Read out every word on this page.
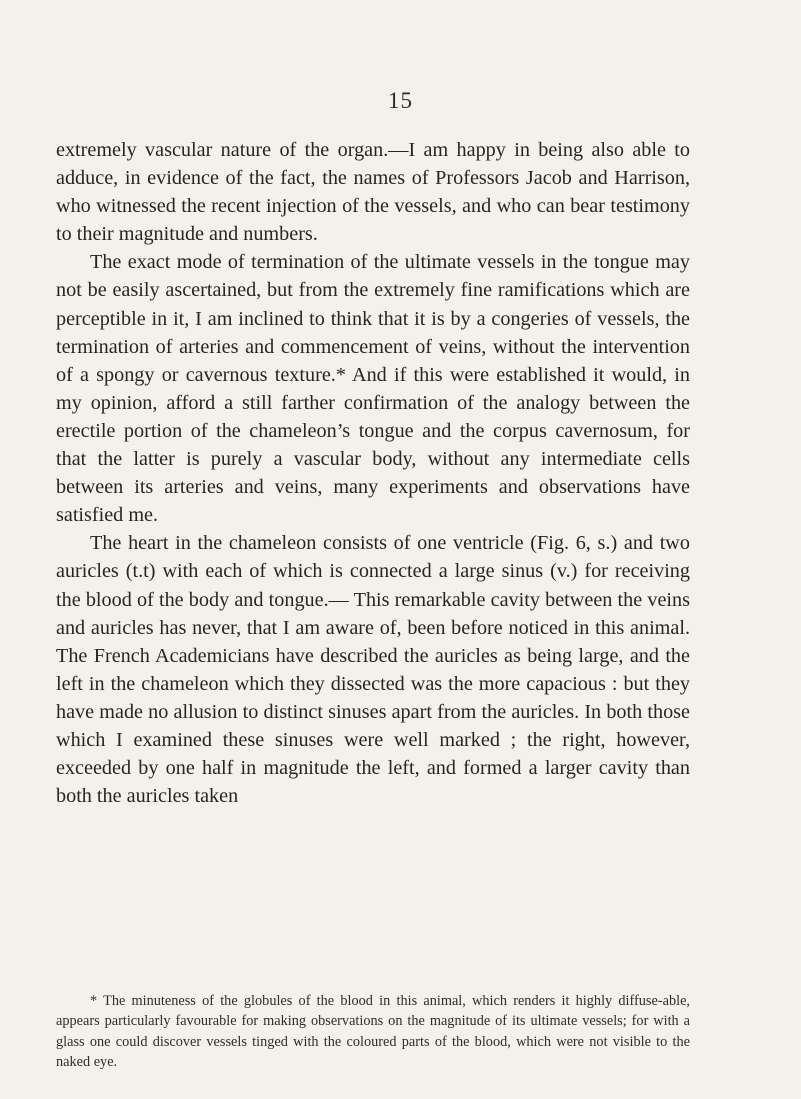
15

extremely vascular nature of the organ.—I am happy in being also able to adduce, in evidence of the fact, the names of Professors Jacob and Harrison, who witnessed the recent injection of the vessels, and who can bear testimony to their magnitude and numbers.

The exact mode of termination of the ultimate vessels in the tongue may not be easily ascertained, but from the extremely fine ramifications which are perceptible in it, I am inclined to think that it is by a congeries of vessels, the termination of arteries and commencement of veins, without the intervention of a spongy or cavernous texture.* And if this were established it would, in my opinion, afford a still farther confirmation of the analogy between the erectile portion of the chameleon’s tongue and the corpus cavernosum, for that the latter is purely a vascular body, without any intermediate cells between its arteries and veins, many experiments and observations have satisfied me.

The heart in the chameleon consists of one ventricle (Fig. 6, s.) and two auricles (t.t) with each of which is connected a large sinus (v.) for receiving the blood of the body and tongue.— This remarkable cavity between the veins and auricles has never, that I am aware of, been before noticed in this animal. The French Academicians have described the auricles as being large, and the left in the chameleon which they dissected was the more capacious : but they have made no allusion to distinct sinuses apart from the auricles. In both those which I examined these sinuses were well marked ; the right, however, exceeded by one half in magnitude the left, and formed a larger cavity than both the auricles taken

* The minuteness of the globules of the blood in this animal, which renders it highly diffuse-able, appears particularly favourable for making observations on the magnitude of its ultimate vessels; for with a glass one could discover vessels tinged with the coloured parts of the blood, which were not visible to the naked eye.
